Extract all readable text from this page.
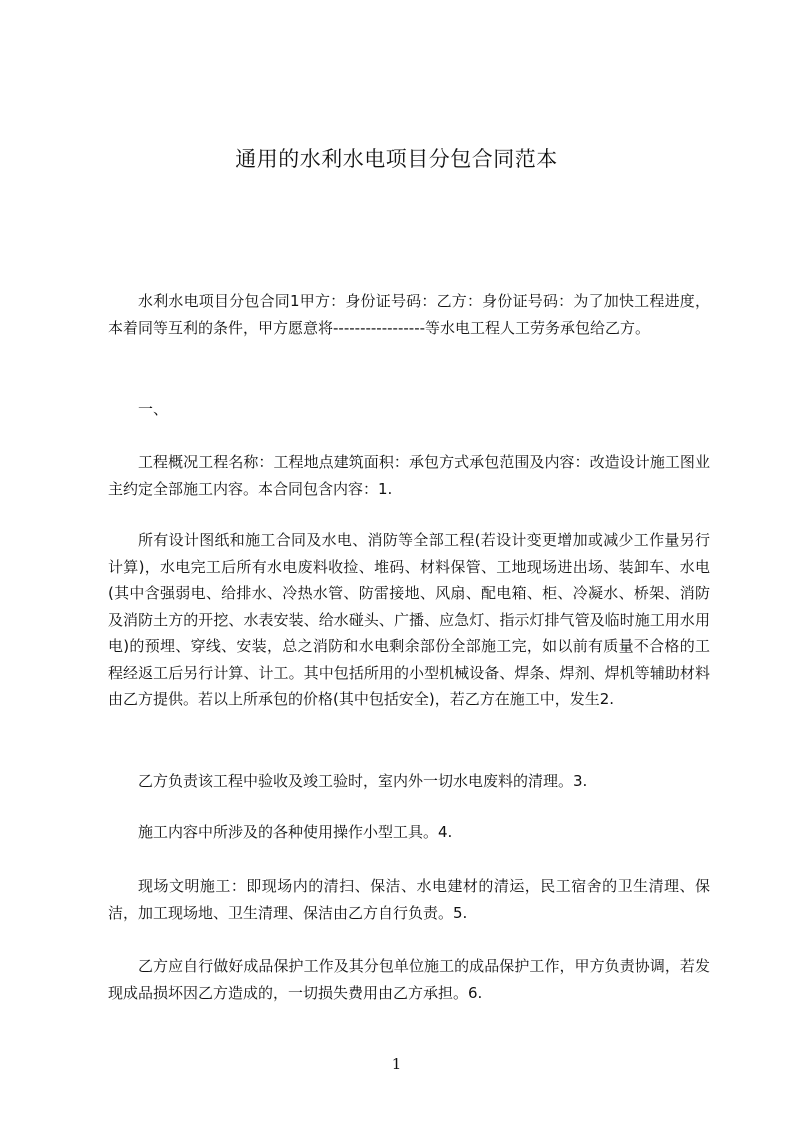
通用的水利水电项目分包合同范本
水利水电项目分包合同1甲方：身份证号码：乙方：身份证号码：为了加快工程进度，本着同等互利的条件，甲方愿意将-----------------等水电工程人工劳务承包给乙方。
一、
工程概况工程名称：工程地点建筑面积：承包方式承包范围及内容：改造设计施工图业主约定全部施工内容。本合同包含内容：1.
所有设计图纸和施工合同及水电、消防等全部工程(若设计变更增加或减少工作量另行计算)，水电完工后所有水电废料收捡、堆码、材料保管、工地现场进出场、装卸车、水电(其中含强弱电、给排水、冷热水管、防雷接地、风扇、配电箱、柜、冷凝水、桥架、消防及消防土方的开挖、水表安装、给水碰头、广播、应急灯、指示灯排气管及临时施工用水用电)的预埋、穿线、安装，总之消防和水电剩余部份全部施工完，如以前有质量不合格的工程经返工后另行计算、计工。其中包括所用的小型机械设备、焊条、焊剂、焊机等辅助材料由乙方提供。若以上所承包的价格(其中包括安全)，若乙方在施工中，发生2.
乙方负责该工程中验收及竣工验时，室内外一切水电废料的清理。3.
施工内容中所涉及的各种使用操作小型工具。4.
现场文明施工：即现场内的清扫、保洁、水电建材的清运，民工宿舍的卫生清理、保洁，加工现场地、卫生清理、保洁由乙方自行负责。5.
乙方应自行做好成品保护工作及其分包单位施工的成品保护工作，甲方负责协调，若发现成品损坏因乙方造成的，一切损失费用由乙方承担。6.
1
